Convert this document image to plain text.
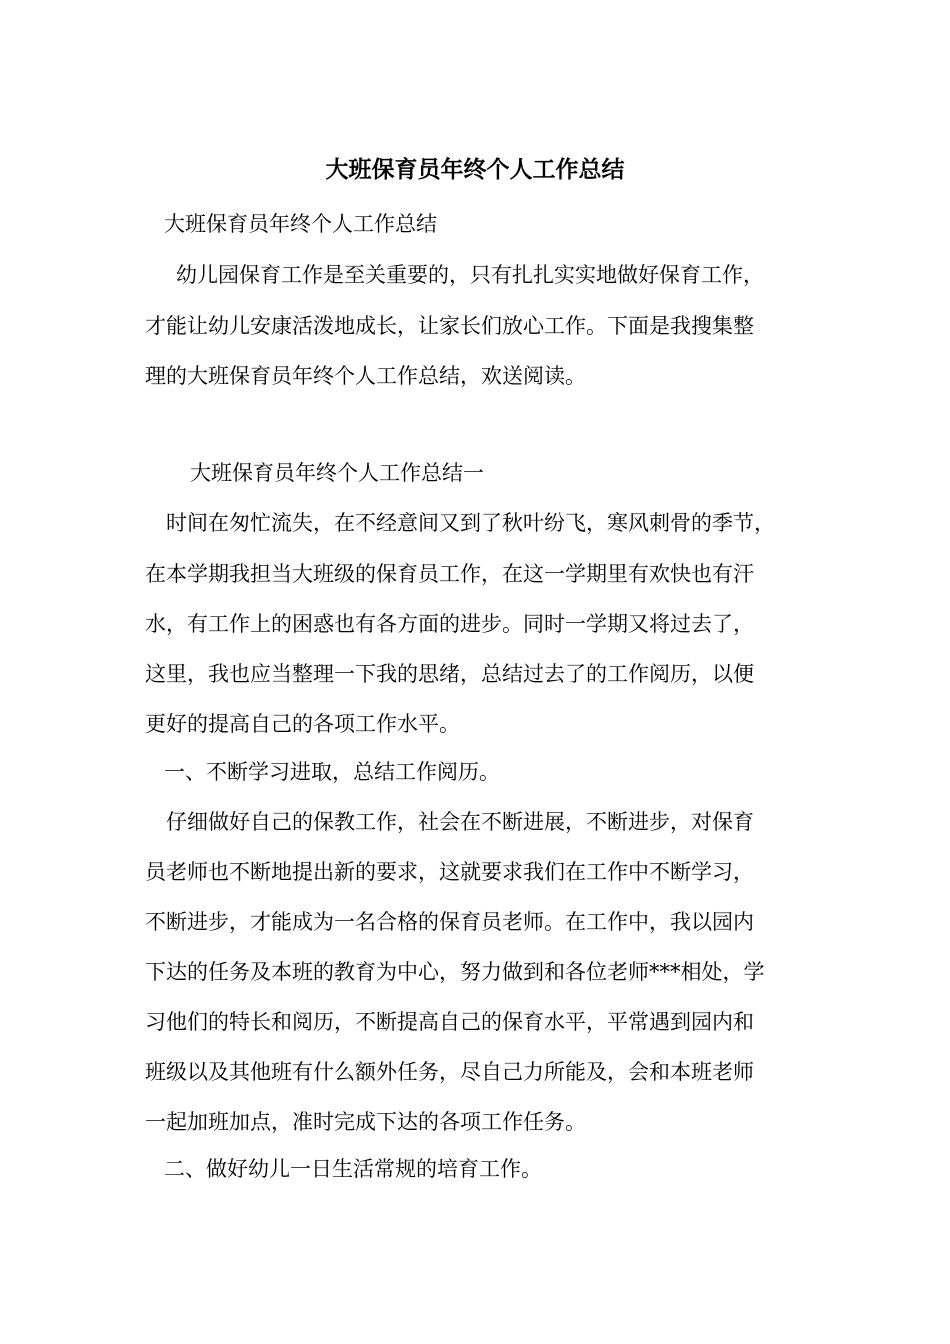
大班保育员年终个人工作总结

大班保育员年终个人工作总结

幼儿园保育工作是至关重要的，只有扎扎实实地做好保育工作，

才能让幼儿安康活泼地成长，让家长们放心工作。下面是我搜集整

理的大班保育员年终个人工作总结，欢送阅读。

大班保育员年终个人工作总结一

时间在匆忙流失，在不经意间又到了秋叶纷飞，寒风刺骨的季节，

在本学期我担当大班级的保育员工作，在这一学期里有欢快也有汗

水，有工作上的困惑也有各方面的进步。同时一学期又将过去了，

这里，我也应当整理一下我的思绪，总结过去了的工作阅历，以便

更好的提高自己的各项工作水平。

一、不断学习进取，总结工作阅历。

仔细做好自己的保教工作，社会在不断进展，不断进步，对保育

员老师也不断地提出新的要求，这就要求我们在工作中不断学习，

不断进步，才能成为一名合格的保育员老师。在工作中，我以园内

下达的任务及本班的教育为中心，努力做到和各位老师***相处，学

习他们的特长和阅历，不断提高自己的保育水平，平常遇到园内和

班级以及其他班有什么额外任务，尽自己力所能及，会和本班老师

一起加班加点，准时完成下达的各项工作任务。

二、做好幼儿一日生活常规的培育工作。
